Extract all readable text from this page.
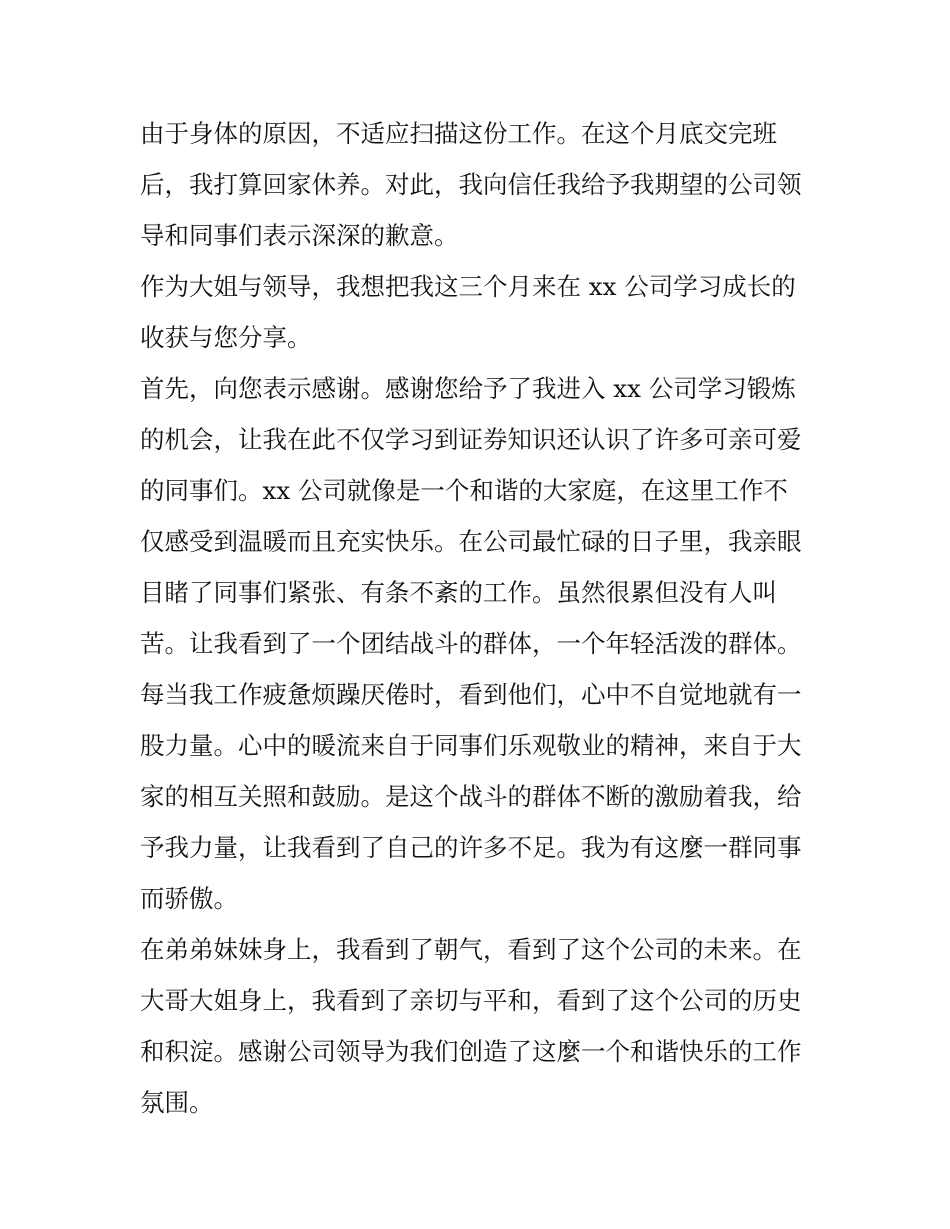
由于身体的原因，不适应扫描这份工作。在这个月底交完班
后，我打算回家休养。对此，我向信任我给予我期望的公司领
导和同事们表示深深的歉意。
作为大姐与领导，我想把我这三个月来在 xx 公司学习成长的
收获与您分享。
首先，向您表示感谢。感谢您给予了我进入 xx 公司学习锻炼
的机会，让我在此不仅学习到证券知识还认识了许多可亲可爱
的同事们。xx 公司就像是一个和谐的大家庭，在这里工作不
仅感受到温暖而且充实快乐。在公司最忙碌的日子里，我亲眼
目睹了同事们紧张、有条不紊的工作。虽然很累但没有人叫
苦。让我看到了一个团结战斗的群体，一个年轻活泼的群体。
每当我工作疲惫烦躁厌倦时，看到他们，心中不自觉地就有一
股力量。心中的暖流来自于同事们乐观敬业的精神，来自于大
家的相互关照和鼓励。是这个战斗的群体不断的激励着我，给
予我力量，让我看到了自己的许多不足。我为有这麼一群同事
而骄傲。
在弟弟妹妹身上，我看到了朝气，看到了这个公司的未来。在
大哥大姐身上，我看到了亲切与平和，看到了这个公司的历史
和积淀。感谢公司领导为我们创造了这麼一个和谐快乐的工作
氛围。
